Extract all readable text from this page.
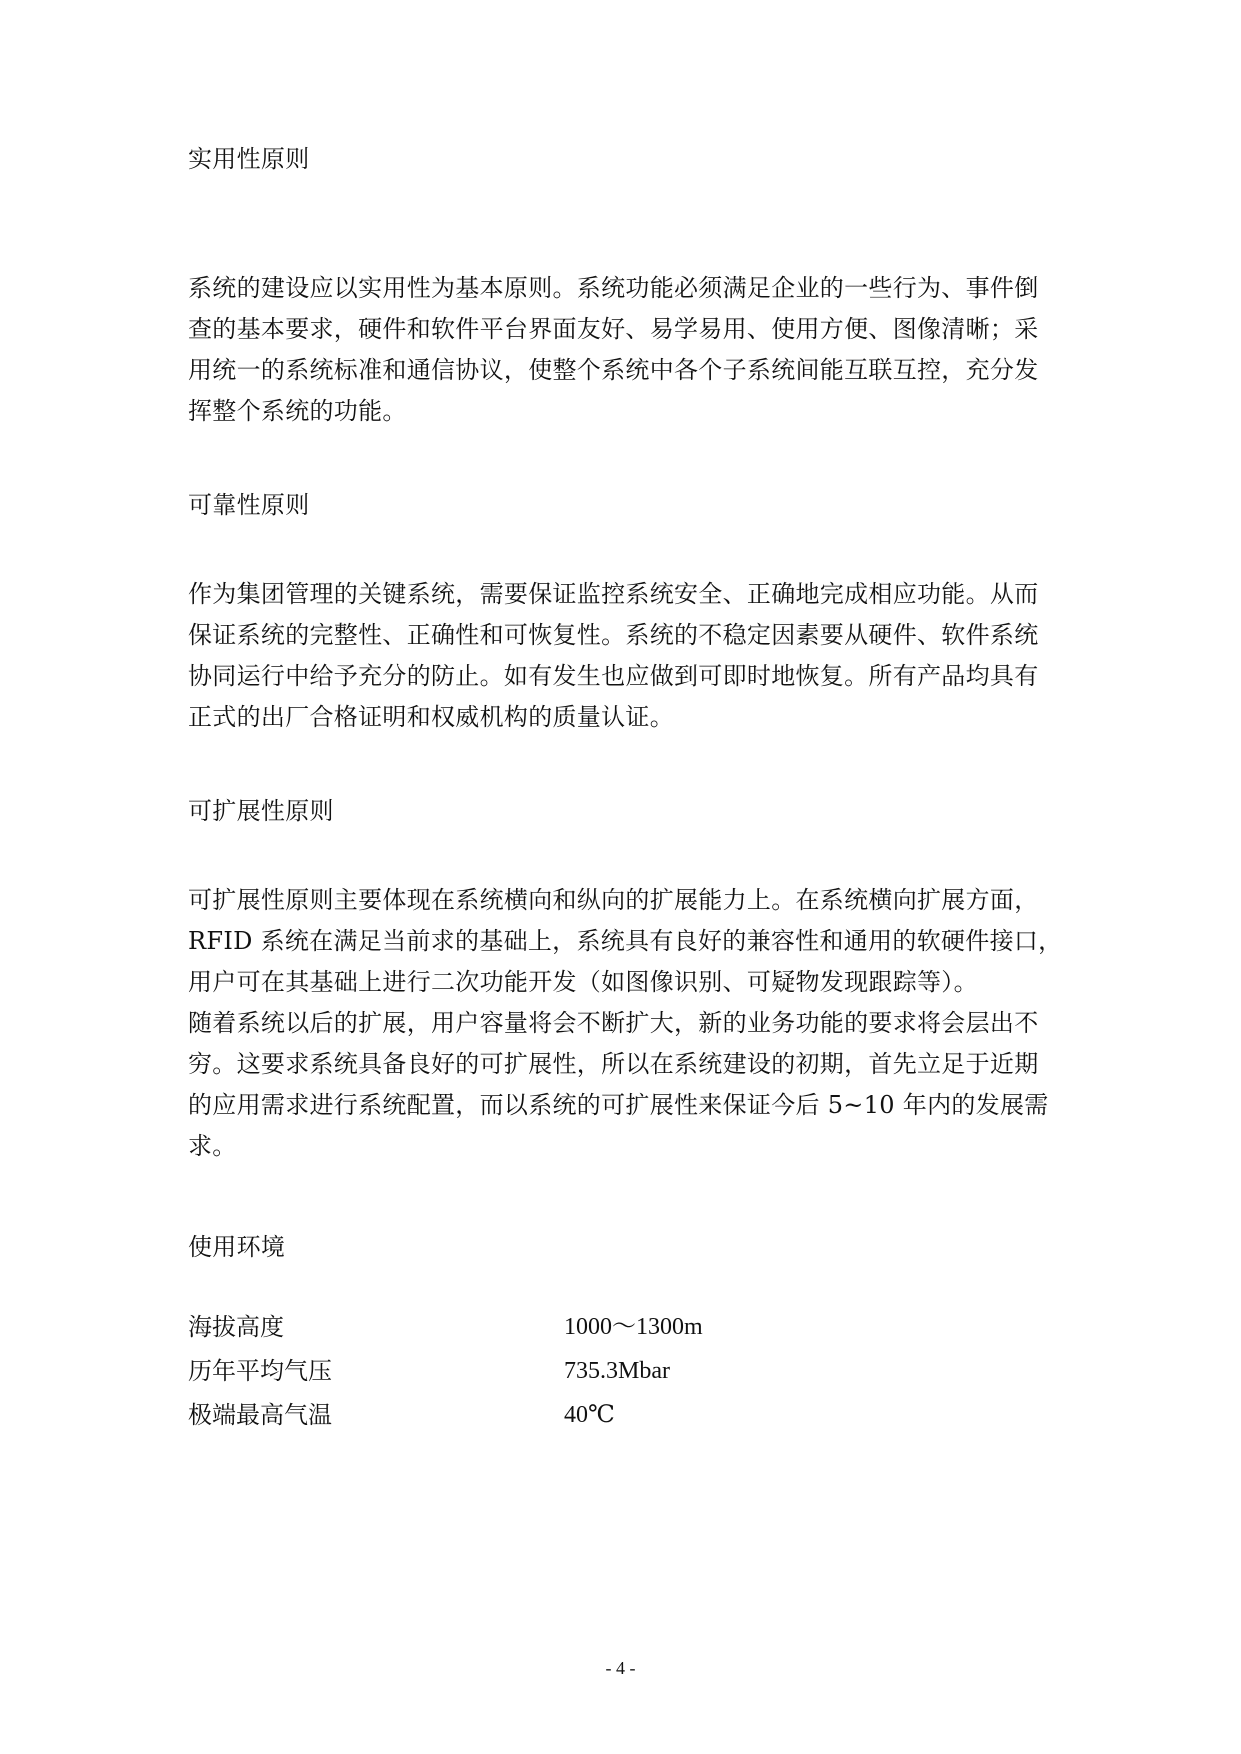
实用性原则

系统的建设应以实用性为基本原则。系统功能必须满足企业的一些行为、事件倒

查的基本要求，硬件和软件平台界面友好、易学易用、使用方便、图像清晰；采

用统一的系统标准和通信协议，使整个系统中各个子系统间能互联互控，充分发

挥整个系统的功能。

可靠性原则

作为集团管理的关键系统，需要保证监控系统安全、正确地完成相应功能。从而

保证系统的完整性、正确性和可恢复性。系统的不稳定因素要从硬件、软件系统

协同运行中给予充分的防止。如有发生也应做到可即时地恢复。所有产品均具有

正式的出厂合格证明和权威机构的质量认证。

可扩展性原则

可扩展性原则主要体现在系统横向和纵向的扩展能力上。在系统横向扩展方面，

RFID 系统在满足当前求的基础上，系统具有良好的兼容性和通用的软硬件接口，

用户可在其基础上进行二次功能开发（如图像识别、可疑物发现跟踪等）。

随着系统以后的扩展，用户容量将会不断扩大，新的业务功能的要求将会层出不

穷。这要求系统具备良好的可扩展性，所以在系统建设的初期，首先立足于近期

的应用需求进行系统配置，而以系统的可扩展性来保证今后 5~10 年内的发展需

求。

使用环境
海拔高度	1000～1300m
历年平均气压	735.3Mbar
极端最高气温	40℃
- 4 -
